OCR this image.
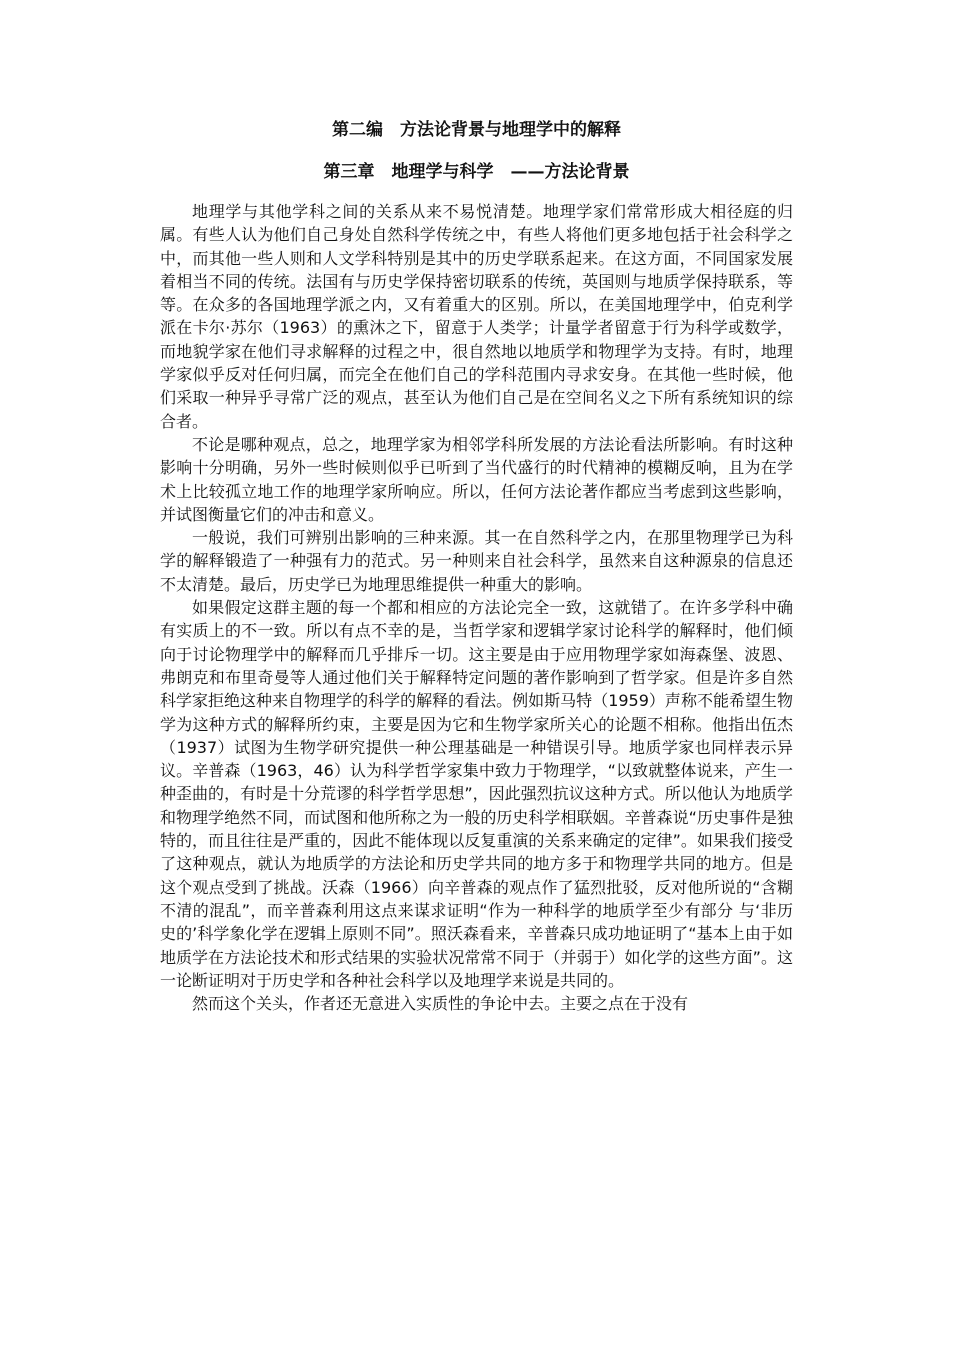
第二编　方法论背景与地理学中的解释
第三章　地理学与科学　——方法论背景

地理学与其他学科之间的关系从来不易悦清楚。地理学家们常常形成大相径庭的归属。有些人认为他们自己身处自然科学传统之中，有些人将他们更多地包括于社会科学之中，而其他一些人则和人文学科特别是其中的历史学联系起来。在这方面，不同国家发展着相当不同的传统。法国有与历史学保持密切联系的传统，英国则与地质学保持联系，等等。在众多的各国地理学派之内，又有着重大的区别。所以，在美国地理学中，伯克利学派在卡尔·苏尔（1963）的熏沐之下，留意于人类学；计量学者留意于行为科学或数学，而地貌学家在他们寻求解释的过程之中，很自然地以地质学和物理学为支持。有时，地理学家似乎反对任何归属，而完全在他们自己的学科范围内寻求安身。在其他一些时候，他们采取一种异乎寻常广泛的观点，甚至认为他们自己是在空间名义之下所有系统知识的综合者。

不论是哪种观点，总之，地理学家为相邻学科所发展的方法论看法所影响。有时这种影响十分明确，另外一些时候则似乎已听到了当代盛行的时代精神的模糊反响，且为在学术上比较孤立地工作的地理学家所响应。所以，任何方法论著作都应当考虑到这些影响，并试图衡量它们的冲击和意义。

一般说，我们可辨别出影响的三种来源。其一在自然科学之内，在那里物理学已为科学的解释锻造了一种强有力的范式。另一种则来自社会科学，虽然来自这种源泉的信息还不太清楚。最后，历史学已为地理思维提供一种重大的影响。

如果假定这群主题的每一个都和相应的方法论完全一致，这就错了。在许多学科中确有实质上的不一致。所以有点不幸的是，当哲学家和逻辑学家讨论科学的解释时，他们倾向于讨论物理学中的解释而几乎排斥一切。这主要是由于应用物理学家如海森堡、波恩、弗朗克和布里奇曼等人通过他们关于解释特定问题的著作影响到了哲学家。但是许多自然科学家拒绝这种来自物理学的科学的解释的看法。例如斯马特（1959）声称不能希望生物学为这种方式的解释所约束，主要是因为它和生物学家所关心的论题不相称。他指出伍杰（1937）试图为生物学研究提供一种公理基础是一种错误引导。地质学家也同样表示异议。辛普森（1963，46）认为科学哲学家集中致力于物理学，“以致就整体说来，产生一种歪曲的，有时是十分荒谬的科学哲学思想”，因此强烈抗议这种方式。所以他认为地质学和物理学绝然不同，而试图和他所称之为一般的历史科学相联姻。辛普森说“历史事件是独特的，而且往往是严重的，因此不能体现以反复重演的关系来确定的定律”。如果我们接受了这种观点，就认为地质学的方法论和历史学共同的地方多于和物理学共同的地方。但是这个观点受到了挑战。沃森（1966）向辛普森的观点作了猛烈批驳，反对他所说的“含糊不清的混乱”，而辛普森利用这点来谋求证明“作为一种科学的地质学至少有部分 与‘非历史的’科学象化学在逻辑上原则不同”。照沃森看来，辛普森只成功地证明了“基本上由于如地质学在方法论技术和形式结果的实验状况常常不同于（并弱于）如化学的这些方面”。这一论断证明对于历史学和各种社会科学以及地理学来说是共同的。

然而这个关头，作者还无意进入实质性的争论中去。主要之点在于没有
